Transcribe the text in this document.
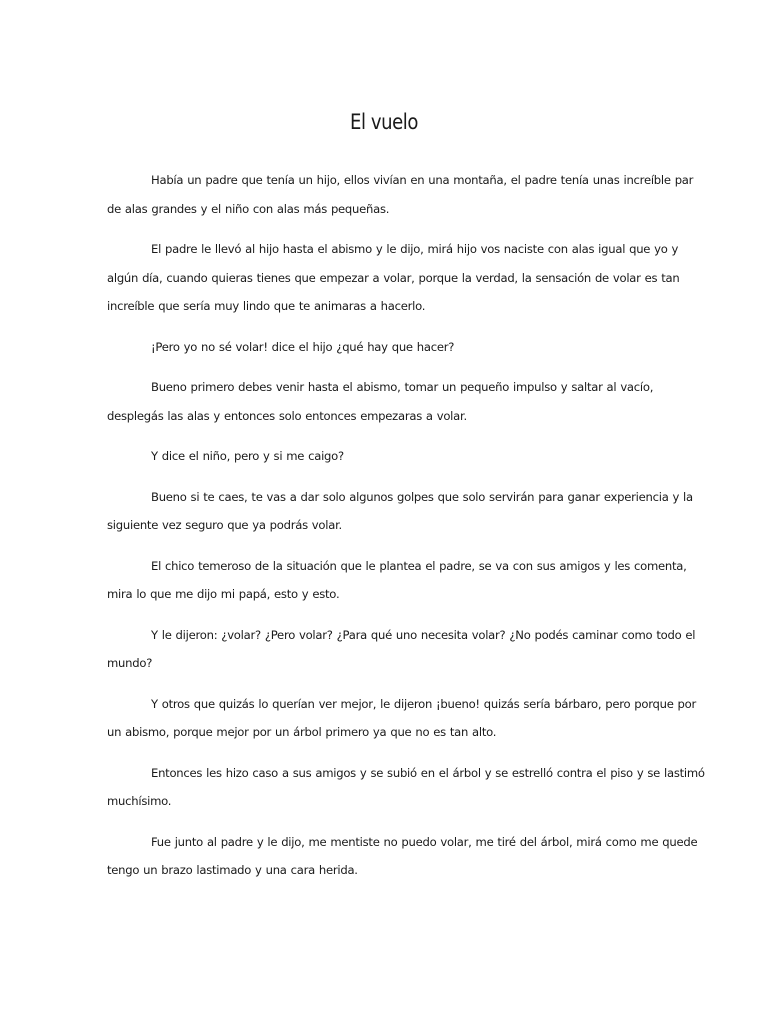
El vuelo

Había un padre que tenía un hijo, ellos vivían en una montaña, el padre tenía unas increíble par de alas grandes y el niño con alas más pequeñas.

El padre le llevó al hijo hasta el abismo y le dijo, mirá hijo vos naciste con alas igual que yo y algún día, cuando quieras tienes que empezar a volar, porque la verdad, la sensación de volar es tan increíble que sería muy lindo que te animaras a hacerlo.

¡Pero yo no sé volar! dice el hijo ¿qué hay que hacer?

Bueno primero debes venir hasta el abismo, tomar un pequeño impulso y saltar al vacío, desplegás las alas y entonces solo entonces empezaras a volar.

Y dice el niño, pero y si me caigo?

Bueno si te caes, te vas a dar solo algunos golpes que solo servirán para ganar experiencia y la siguiente vez seguro que ya podrás volar.

El chico temeroso de la situación que le plantea el padre, se va con sus amigos y les comenta, mira lo que me dijo mi papá, esto y esto.

Y le dijeron: ¿volar? ¿Pero volar? ¿Para qué uno necesita volar? ¿No podés caminar como todo el mundo?

Y otros que quizás lo querían ver mejor, le dijeron ¡bueno! quizás sería bárbaro, pero porque por un abismo, porque mejor por un árbol primero ya que no es tan alto.

Entonces les hizo caso a sus amigos y se subió en el árbol y se estrelló contra el piso y se lastimó muchísimo.

Fue junto al padre y le dijo, me mentiste no puedo volar, me tiré del árbol, mirá como me quede tengo un brazo lastimado y una cara herida.
